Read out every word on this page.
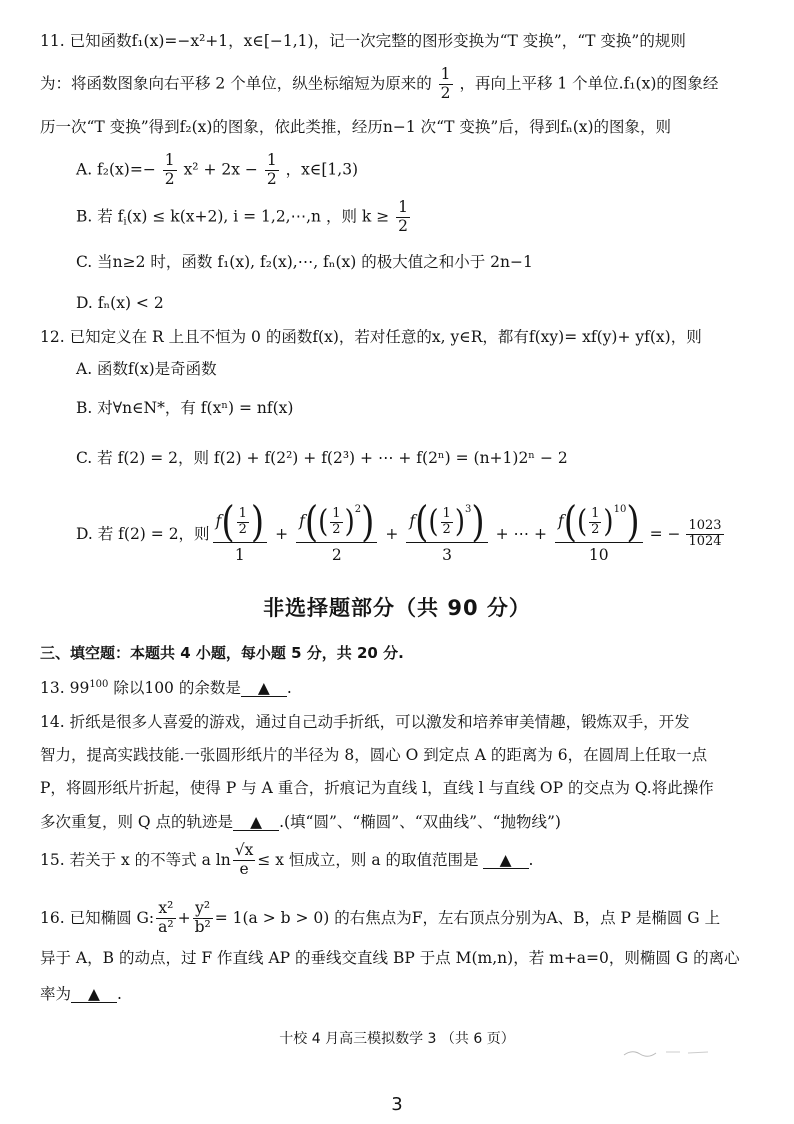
11. 已知函数f₁(x)=−x²+1，x∈[−1,1)，记一次完整的图形变换为“T 变换”，“T 变换”的规则
为：将函数图象向右平移 2 个单位，纵坐标缩短为原来的 $\frac{1}{2}$ ，再向上平移 1 个单位.f₁(x)的图象经
历一次“T 变换”得到f₂(x)的图象，依此类推，经历n−1 次“T 变换”后，得到fₙ(x)的图象，则
A. $f_2(x)=- \frac{1}{2} x^2 + 2x - \frac{1}{2}$ ，x∈[1,3)
B. 若 $f_i(x) \le k(x+2)$, i = 1,2,⋯,n ，则 $k \ge \frac{1}{2}$
C. 当n≥2 时，函数 f₁(x), f₂(x),⋯, fₙ(x) 的极大值之和小于 2n−1
D. fₙ(x) < 2
12. 已知定义在 R 上且不恒为 0 的函数f(x)，若对任意的x, y∈R，都有f(xy)= xf(y)+ yf(x)，则
A. 函数f(x)是奇函数
B. 对∀n∈N*，有 f(xⁿ) = nf(x)
C. 若 f(2) = 2，则 f(2) + f(2²) + f(2³) + ⋯ + f(2ⁿ) = (n+1)2ⁿ − 2
D. 若 f(2) = 2，则 $\frac{f( \frac{1}{2} )}{1} + \frac{f(( \frac{1}{2} )^2)}{2} + \frac{f(( \frac{1}{2} )^3)}{3}$ + ⋯ + $\frac{f(( \frac{1}{2} )^{10})}{10}$ = − $\frac{1023}{1024}$
非选择题部分（共 90 分）
三、填空题：本题共 4 小题，每小题 5 分，共 20 分.
13. $99^{100}$ 除以100 的余数是 ▲ .
14. 折纸是很多人喜爱的游戏，通过自己动手折纸，可以激发和培养审美情趣，锻炼双手，开发
智力，提高实践技能.一张圆形纸片的半径为 8，圆心 O 到定点 A 的距离为 6，在圆周上任取一点
P，将圆形纸片折起，使得 P 与 A 重合，折痕记为直线 l，直线 l 与直线 OP 的交点为 Q.将此操作
多次重复，则 Q 点的轨迹是 ▲ .(填“圆”、“椭圆”、“双曲线”、“抛物线”)
15. 若关于 x 的不等式 a $\ln \frac{√x}{e} \le x$ 恒成立，则 a 的取值范围是	▲	.
16. 已知椭圆 G: $\frac{\text{x²}}{\text{a²}} + \frac{\text{y²}}{\text{b²}} = 1(a > b > 0)$ 的右焦点为F，左右顶点分别为A、B，点 P 是椭圆 G 上
异于 A，B 的动点，过 F 作直线 AP 的垂线交直线 BP 于点 M(m,n)，若 m+a=0，则椭圆 G 的离心
率为 ▲ .
十校 4 月高三模拟数学 3 （共 6 页）
3
